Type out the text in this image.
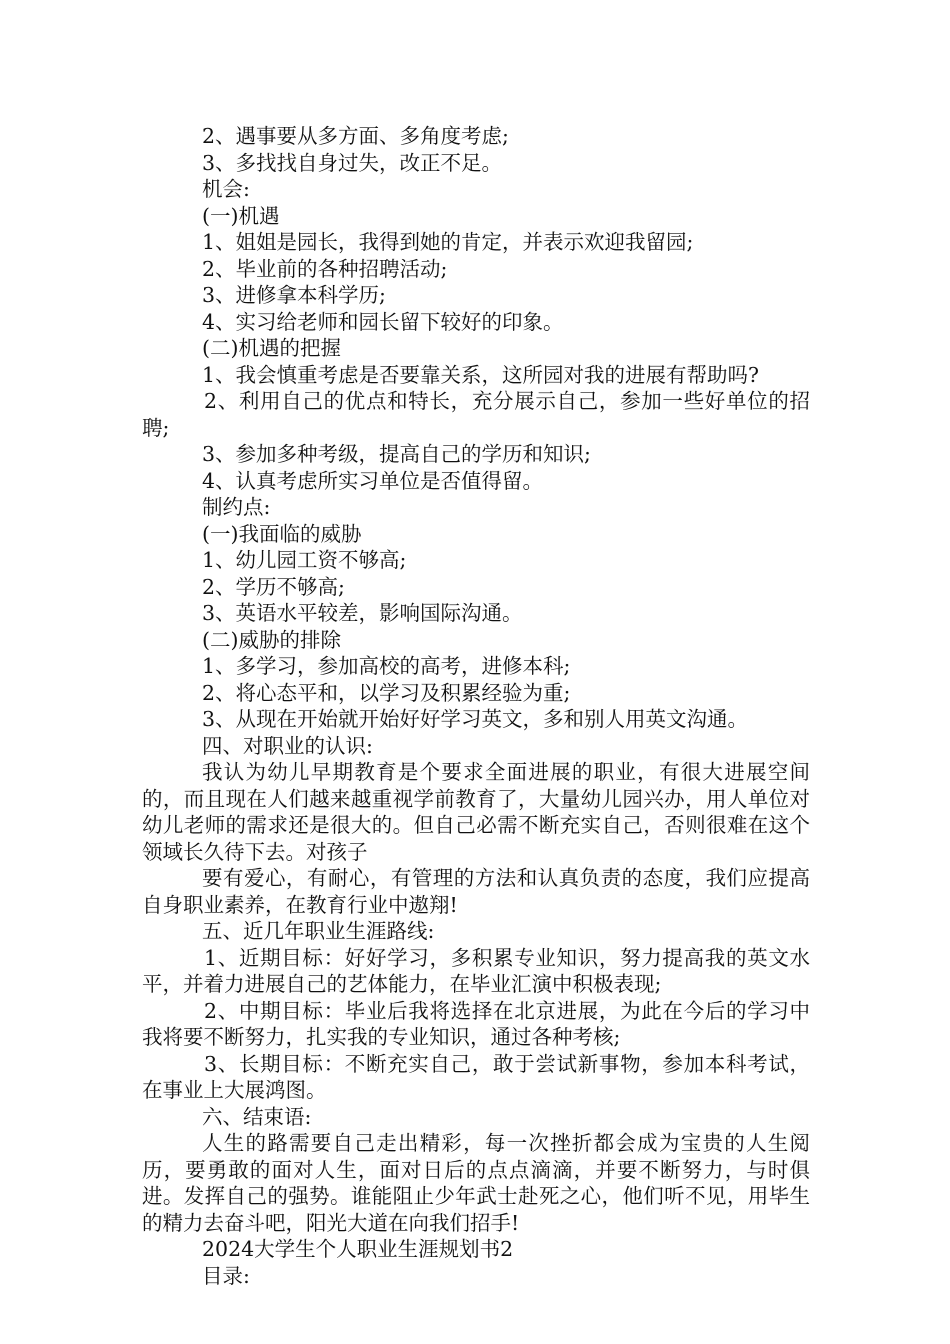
2、遇事要从多方面、多角度考虑;

3、多找找自身过失，改正不足。

机会:

(一)机遇

1、姐姐是园长，我得到她的肯定，并表示欢迎我留园;

2、毕业前的各种招聘活动;

3、进修拿本科学历;

4、实习给老师和园长留下较好的印象。

(二)机遇的把握

1、我会慎重考虑是否要靠关系，这所园对我的进展有帮助吗?

2、利用自己的优点和特长，充分展示自己，参加一些好单位的招聘;

3、参加多种考级，提高自己的学历和知识;

4、认真考虑所实习单位是否值得留。

制约点:

(一)我面临的威胁

1、幼儿园工资不够高;

2、学历不够高;

3、英语水平较差，影响国际沟通。

(二)威胁的排除

1、多学习，参加高校的高考，进修本科;

2、将心态平和，以学习及积累经验为重;

3、从现在开始就开始好好学习英文，多和别人用英文沟通。

四、对职业的认识:

我认为幼儿早期教育是个要求全面进展的职业，有很大进展空间的，而且现在人们越来越重视学前教育了，大量幼儿园兴办，用人单位对幼儿老师的需求还是很大的。但自己必需不断充实自己，否则很难在这个领域长久待下去。对孩子

要有爱心，有耐心，有管理的方法和认真负责的态度，我们应提高自身职业素养，在教育行业中遨翔!

五、近几年职业生涯路线:

1、近期目标：好好学习，多积累专业知识，努力提高我的英文水平，并着力进展自己的艺体能力，在毕业汇演中积极表现;

2、中期目标：毕业后我将选择在北京进展，为此在今后的学习中我将要不断努力，扎实我的专业知识，通过各种考核;

3、长期目标：不断充实自己，敢于尝试新事物，参加本科考试，在事业上大展鸿图。

六、结束语:

人生的路需要自己走出精彩，每一次挫折都会成为宝贵的人生阅历，要勇敢的面对人生，面对日后的点点滴滴，并要不断努力，与时俱进。发挥自己的强势。谁能阻止少年武士赴死之心，他们听不见，用毕生的精力去奋斗吧，阳光大道在向我们招手!

2024大学生个人职业生涯规划书2

目录:
